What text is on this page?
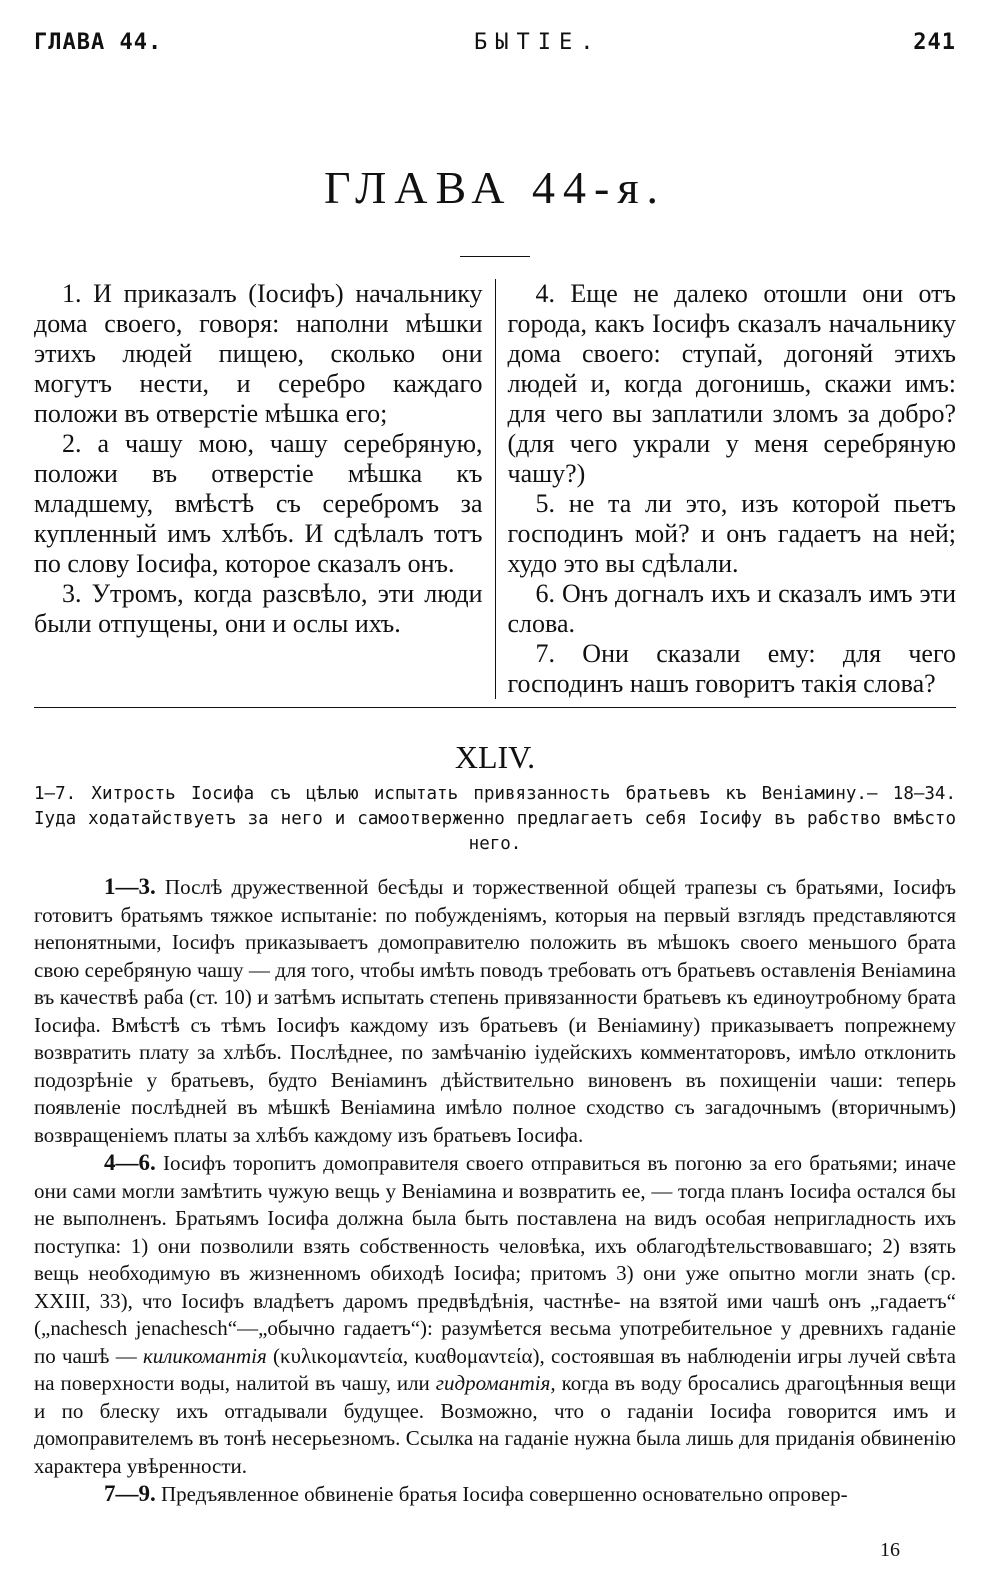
ГЛАВА 44.	БЫТІЕ.	241
ГЛАВА 44-я.

1. И приказалъ (Іосифъ) начальнику дома своего, говоря: наполни мѣшки этихъ людей пищею, сколько они могутъ нести, и серебро каждаго положи въ отверстіе мѣшка его;

2. а чашу мою, чашу серебряную, положи въ отверстіе мѣшка къ младшему, вмѣстѣ съ серебромъ за купленный имъ хлѣбъ. И сдѣлалъ тотъ по слову Іосифа, которое сказалъ онъ.

3. Утромъ, когда разсвѣло, эти люди были отпущены, они и ослы ихъ.

4. Еще не далеко отошли они отъ города, какъ Іосифъ сказалъ начальнику дома своего: ступай, догоняй этихъ людей и, когда догонишь, скажи имъ: для чего вы заплатили зломъ за добро? (для чего украли у меня серебряную чашу?)

5. не та ли это, изъ которой пьетъ господинъ мой? и онъ гадаетъ на ней; худо это вы сдѣлали.

6. Онъ догналъ ихъ и сказалъ имъ эти слова.

7. Они сказали ему: для чего господинъ нашъ говоритъ такія слова?

XLIV.
1—7. Хитрость Іосифа съ цѣлью испытать привязанность братьевъ къ Веніамину.— 18—34. Іуда ходатайствуетъ за него и самоотверженно предлагаетъ себя Іосифу въ рабство вмѣсто него.

1—3. Послѣ дружественной бесѣды и торжественной общей трапезы съ братьями, Іосифъ готовитъ братьямъ тяжкое испытаніе: по побужденіямъ, которыя на первый взглядъ представляются непонятными, Іосифъ приказываетъ домоправителю положить въ мѣшокъ своего меньшого брата свою серебряную чашу — для того, чтобы имѣть поводъ требовать отъ братьевъ оставленія Веніамина въ качествѣ раба (ст. 10) и затѣмъ испытать степень привязанности братьевъ къ единоутробному брата Іосифа. Вмѣстѣ съ тѣмъ Іосифъ каждому изъ братьевъ (и Веніамину) приказываетъ попрежнему возвратить плату за хлѣбъ. Послѣднее, по замѣчанію іудейскихъ комментаторовъ, имѣло отклонить подозрѣніе у братьевъ, будто Веніаминъ дѣйствительно виновенъ въ похищеніи чаши: теперь появленіе послѣдней въ мѣшкѣ Веніамина имѣло полное сходство съ загадочнымъ (вторичнымъ) возвращеніемъ платы за хлѣбъ каждому изъ братьевъ Іосифа.

4—6. Іосифъ торопитъ домоправителя своего отправиться въ погоню за его братьями; иначе они сами могли замѣтить чужую вещь у Веніамина и возвратить ее, — тогда планъ Іосифа остался бы не выполненъ. Братьямъ Іосифа должна была быть поставлена на видъ особая непригладность ихъ поступка: 1) они позволили взять собственность человѣка, ихъ облагодѣтельствовавшаго; 2) взять вещь необходимую въ жизненномъ обиходѣ Іосифа; притомъ 3) они уже опытно могли знать (ср. XXIII, 33), что Іосифъ владѣетъ даромъ предвѣдѣнія, частнѣе- на взятой ими чашѣ онъ „гадаетъ“ („nachesch jenachesch“—„обычно гадаетъ“): разумѣется весьма употребительное у древнихъ гаданіе по чашѣ — киликомантія (κυλικομαντεία, κυαθομαντεία), состоявшая въ наблюденіи игры лучей свѣта на поверхности воды, налитой въ чашу, или гидромантія, когда въ воду бросались драгоцѣнныя вещи и по блеску ихъ отгадывали будущее. Возможно, что о гаданіи Іосифа говорится имъ и домоправителемъ въ тонѣ несерьезномъ. Ссылка на гаданіе нужна была лишь для приданія обвиненію характера увѣренности.

7—9. Предъявленное обвиненіе братья Іосифа совершенно основательно опровер-

16
